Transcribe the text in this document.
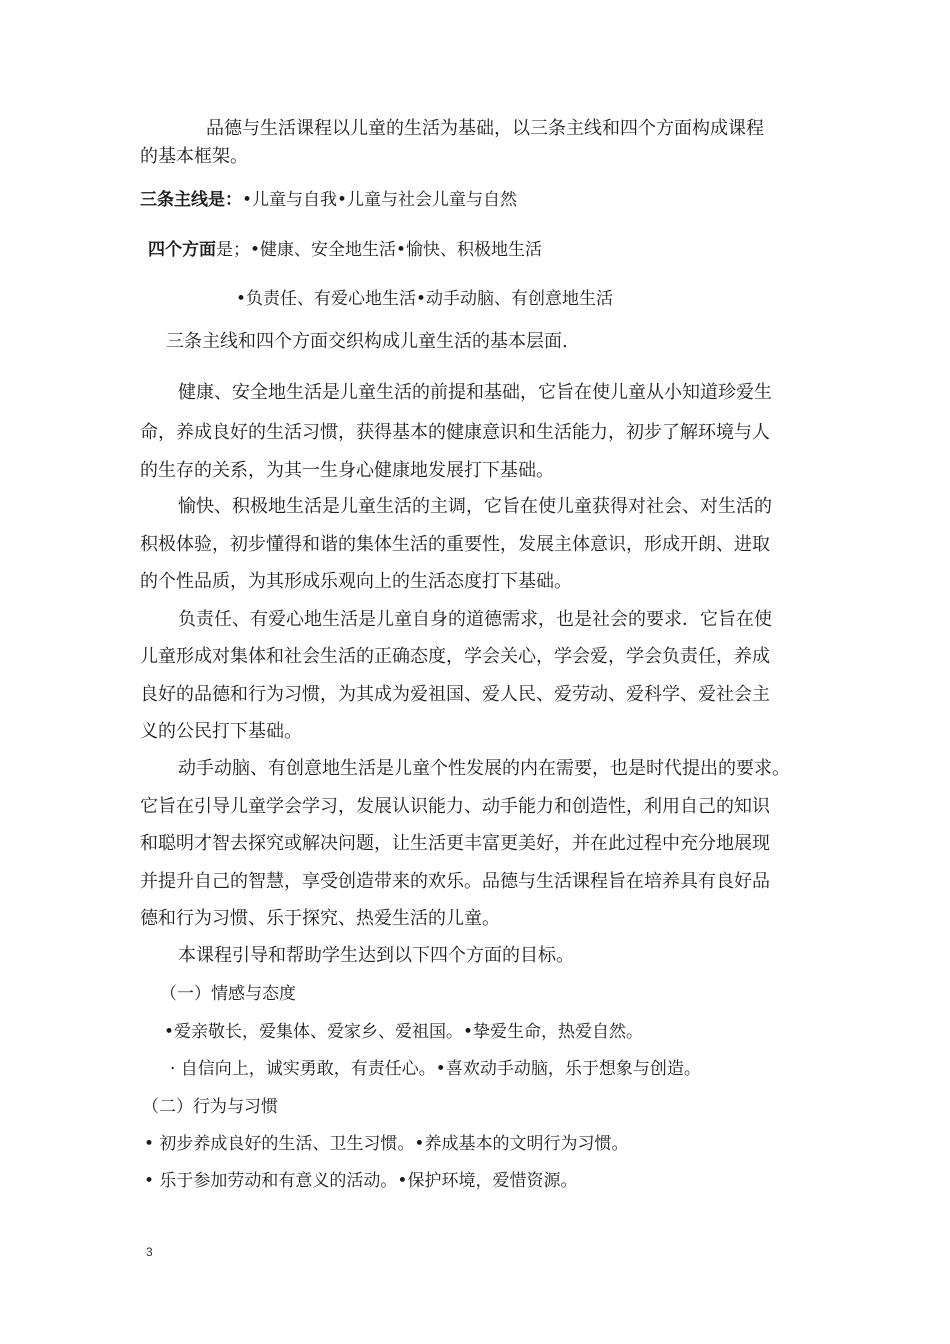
品德与生活课程以儿童的生活为基础，以三条主线和四个方面构成课程
的基本框架。
三条主线是：•儿童与自我•儿童与社会儿童与自然
四个方面是；•健康、安全地生活•愉快、积极地生活
•负责任、有爱心地生活•动手动脑、有创意地生活
三条主线和四个方面交织构成儿童生活的基本层面.
健康、安全地生活是儿童生活的前提和基础，它旨在使儿童从小知道珍爱生
命，养成良好的生活习惯，获得基本的健康意识和生活能力，初步了解环境与人
的生存的关系，为其一生身心健康地发展打下基础。
愉快、积极地生活是儿童生活的主调，它旨在使儿童获得对社会、对生活的
积极体验，初步懂得和谐的集体生活的重要性，发展主体意识，形成开朗、进取
的个性品质，为其形成乐观向上的生活态度打下基础。
负责任、有爱心地生活是儿童自身的道德需求，也是社会的要求．它旨在使
儿童形成对集体和社会生活的正确态度，学会关心，学会爱，学会负责任，养成
良好的品德和行为习惯，为其成为爱祖国、爱人民、爱劳动、爱科学、爱社会主
义的公民打下基础。
动手动脑、有创意地生活是儿童个性发展的内在需要，也是时代提出的要求。
它旨在引导儿童学会学习，发展认识能力、动手能力和创造性，利用自己的知识
和聪明才智去探究或解决问题，让生活更丰富更美好，并在此过程中充分地展现
并提升自己的智慧，享受创造带来的欢乐。品德与生活课程旨在培养具有良好品
德和行为习惯、乐于探究、热爱生活的儿童。
本课程引导和帮助学生达到以下四个方面的目标。
（一）情感与态度
•爱亲敬长，爱集体、爱家乡、爱祖国。•挚爱生命，热爱自然。
· 自信向上，诚实勇敢，有责任心。•喜欢动手动脑，乐于想象与创造。
（二）行为与习惯
• 初步养成良好的生活、卫生习惯。•养成基本的文明行为习惯。
• 乐于参加劳动和有意义的活动。•保护环境，爱惜资源。
3
